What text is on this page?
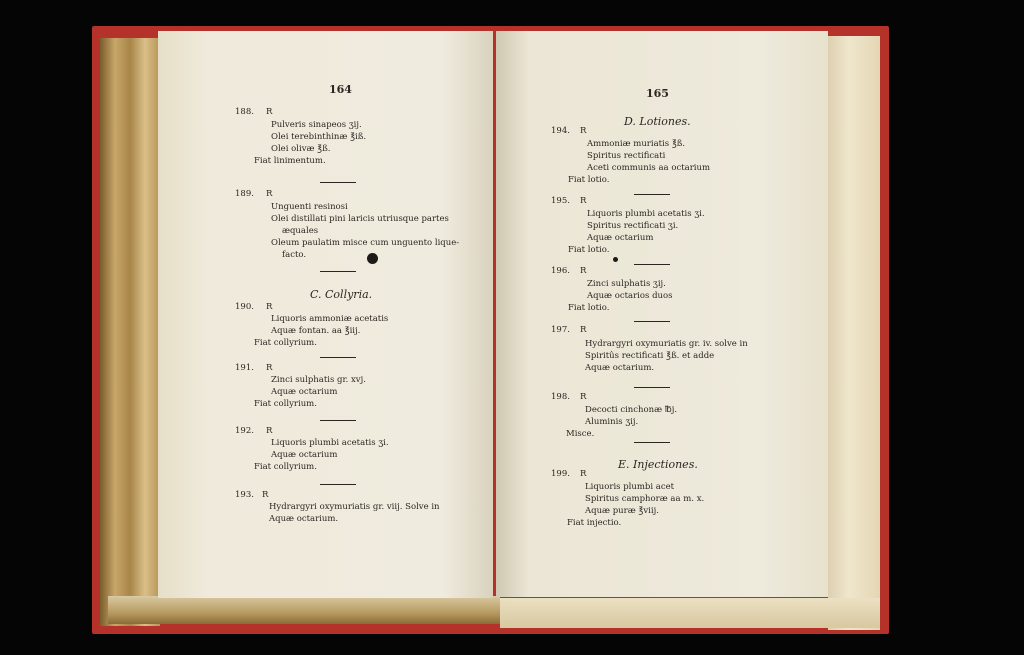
164
188.	R
Pulveris sinapeos ʒij.
Olei terebinthinæ ℥iß.
Olei olivæ ℥ß.
Fiat linimentum.
189.	R
Unguenti resinosi
Olei distillati pini laricis utriusque partes
æquales
Oleum paulatim misce cum unguento lique-
facto.
C. Collyria.
190.	R
Liquoris ammoniæ acetatis
Aquæ fontan. aa ℥iij.
Fiat collyrium.
191.	R
Zinci sulphatis gr. xvj.
Aquæ octarium
Fiat collyrium.
192.	R
Liquoris plumbi acetatis ʒi.
Aquæ octarium
Fiat collyrium.
193. R
Hydrargyri oxymuriatis gr. viij. Solve in
Aquæ octarium.
165
D. Lotiones.
194.	R
Ammoniæ muriatis ℥ß.
Spiritus rectificati
Aceti communis aa octarium
Fiat lotio.
195.	R
Liquoris plumbi acetatis ʒi.
Spiritus rectificati ʒi.
Aquæ octarium
Fiat lotio.
196.	R
Zinci sulphatis ʒij.
Aquæ octarios duos
Fiat lotio.
197.	R
Hydrargyri oxymuriatis gr. iv. solve in
Spiritûs rectificati ℥ß. et adde
Aquæ octarium.
198.	R
Decocti cinchonæ ℔j.
Aluminis ʒij.
Misce.
E. Injectiones.
199.	R
Liquoris plumbi acet
Spiritus camphoræ aa m. x.
Aquæ puræ ℥viij.
Fiat injectio.
